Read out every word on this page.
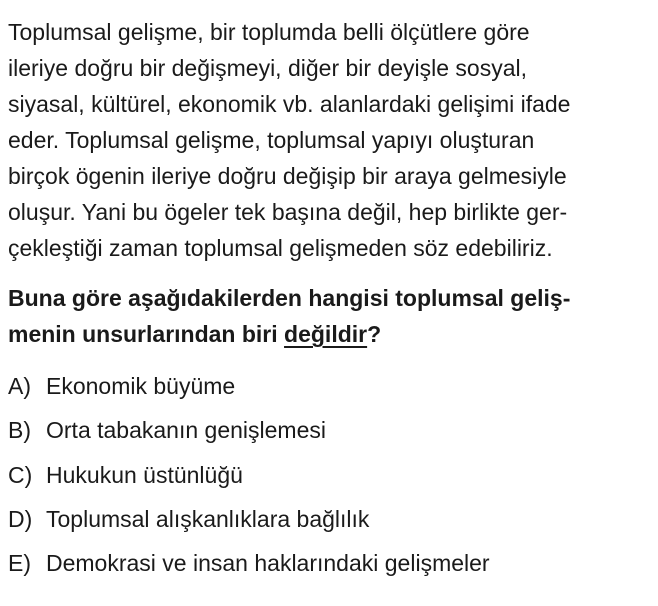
Toplumsal gelişme, bir toplumda belli ölçütlere göre
ileriye doğru bir değişmeyi, diğer bir deyişle sosyal,
siyasal, kültürel, ekonomik vb. alanlardaki gelişimi ifade
eder. Toplumsal gelişme, toplumsal yapıyı oluşturan
birçok ögenin ileriye doğru değişip bir araya gelmesiyle
oluşur. Yani bu ögeler tek başına değil, hep birlikte ger-
çekleştiği zaman toplumsal gelişmeden söz edebiliriz.
Buna göre aşağıdakilerden hangisi toplumsal geliş-
menin unsurlarından biri değildir?
A) Ekonomik büyüme
B) Orta tabakanın genişlemesi
C) Hukukun üstünlüğü
D) Toplumsal alışkanlıklara bağlılık
E) Demokrasi ve insan haklarındaki gelişmeler
